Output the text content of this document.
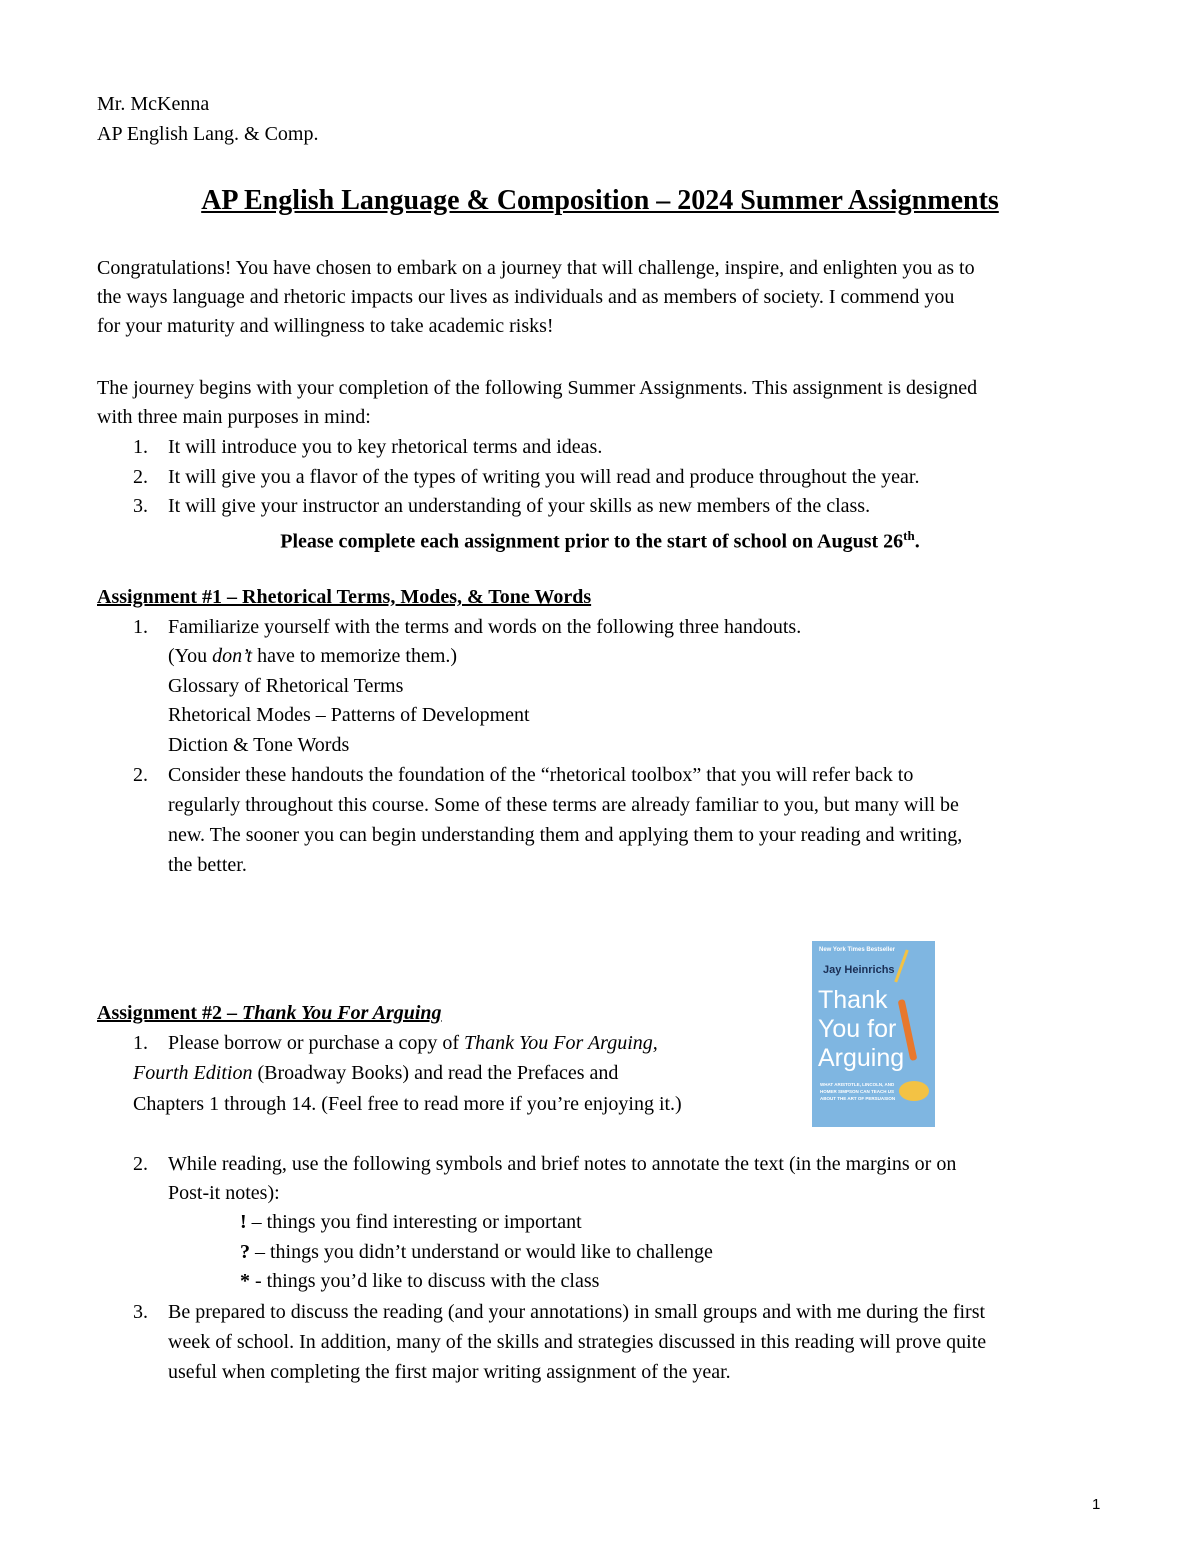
Mr. McKenna
AP English Lang. & Comp.
AP English Language & Composition – 2024 Summer Assignments
Congratulations! You have chosen to embark on a journey that will challenge, inspire, and enlighten you as to
the ways language and rhetoric impacts our lives as individuals and as members of society. I commend you
for your maturity and willingness to take academic risks!
The journey begins with your completion of the following Summer Assignments. This assignment is designed
with three main purposes in mind:
1. It will introduce you to key rhetorical terms and ideas.
2. It will give you a flavor of the types of writing you will read and produce throughout the year.
3. It will give your instructor an understanding of your skills as new members of the class.
Please complete each assignment prior to the start of school on August 26th.
Assignment #1 – Rhetorical Terms, Modes, & Tone Words
1. Familiarize yourself with the terms and words on the following three handouts.
(You don’t have to memorize them.)
Glossary of Rhetorical Terms
Rhetorical Modes – Patterns of Development
Diction & Tone Words
2. Consider these handouts the foundation of the “rhetorical toolbox” that you will refer back to
regularly throughout this course. Some of these terms are already familiar to you, but many will be
new. The sooner you can begin understanding them and applying them to your reading and writing,
the better.
New York Times Bestseller
Jay Heinrichs
Thank
You for
Arguing
WHAT ARISTOTLE, LINCOLN, AND HOMER SIMPSON CAN TEACH US ABOUT THE ART OF PERSUASION
Assignment #2 – Thank You For Arguing
1. Please borrow or purchase a copy of Thank You For Arguing,
Fourth Edition (Broadway Books) and read the Prefaces and
Chapters 1 through 14. (Feel free to read more if you’re enjoying it.)
2. While reading, use the following symbols and brief notes to annotate the text (in the margins or on
Post-it notes):
! – things you find interesting or important
? – things you didn’t understand or would like to challenge
* - things you’d like to discuss with the class
3. Be prepared to discuss the reading (and your annotations) in small groups and with me during the first
week of school. In addition, many of the skills and strategies discussed in this reading will prove quite
useful when completing the first major writing assignment of the year.
1
